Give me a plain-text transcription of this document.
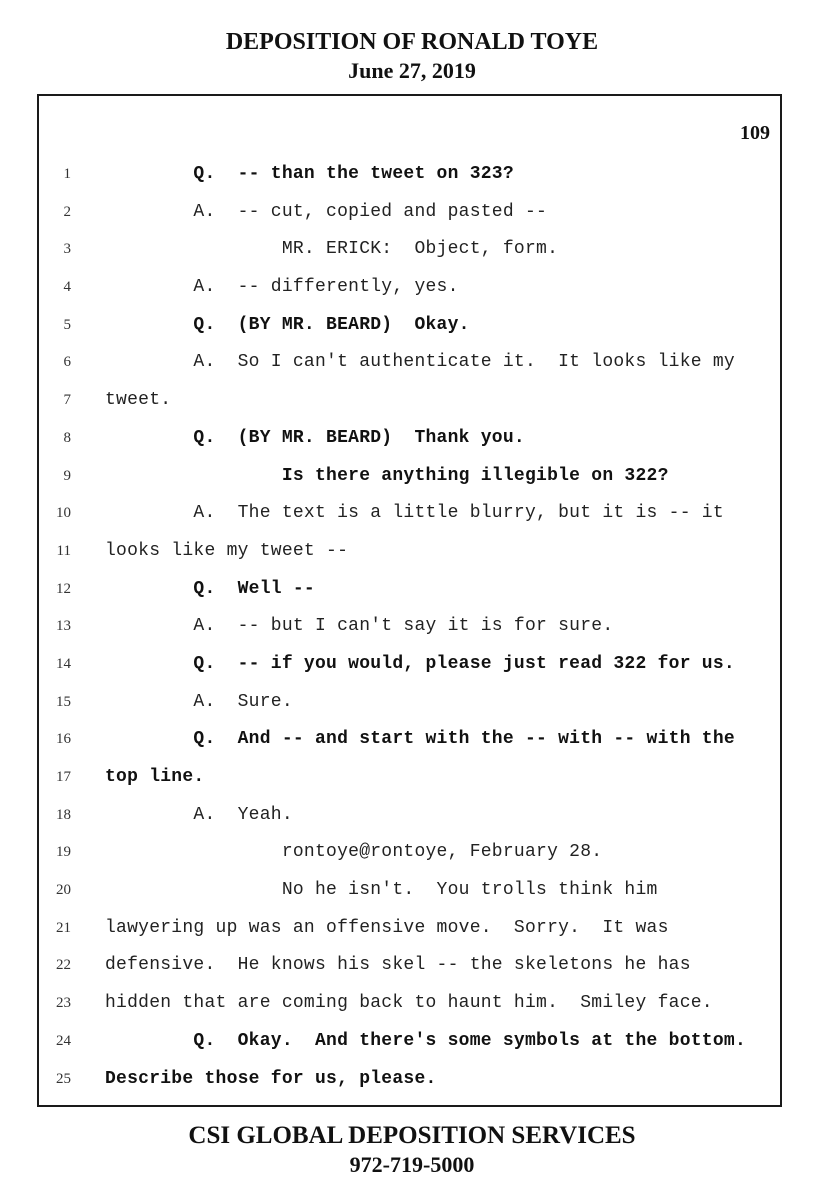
DEPOSITION OF RONALD TOYE
June 27, 2019
109
1 Q.  -- than the tweet on 323?
2 A.  -- cut, copied and pasted --
3 MR. ERICK:  Object, form.
4 A.  -- differently, yes.
5 Q.  (BY MR. BEARD)  Okay.
6 A.  So I can't authenticate it.  It looks like my
7 tweet.
8 Q.  (BY MR. BEARD)  Thank you.
9 Is there anything illegible on 322?
10 A.  The text is a little blurry, but it is -- it
11 looks like my tweet --
12 Q.  Well --
13 A.  -- but I can't say it is for sure.
14 Q.  -- if you would, please just read 322 for us.
15 A.  Sure.
16 Q.  And -- and start with the -- with -- with the
17 top line.
18 A.  Yeah.
19 rontoye@rontoye, February 28.
20 No he isn't.  You trolls think him
21 lawyering up was an offensive move.  Sorry.  It was
22 defensive.  He knows his skel -- the skeletons he has
23 hidden that are coming back to haunt him.  Smiley face.
24 Q.  Okay.  And there's some symbols at the bottom.
25 Describe those for us, please.
CSI GLOBAL DEPOSITION SERVICES
972-719-5000
